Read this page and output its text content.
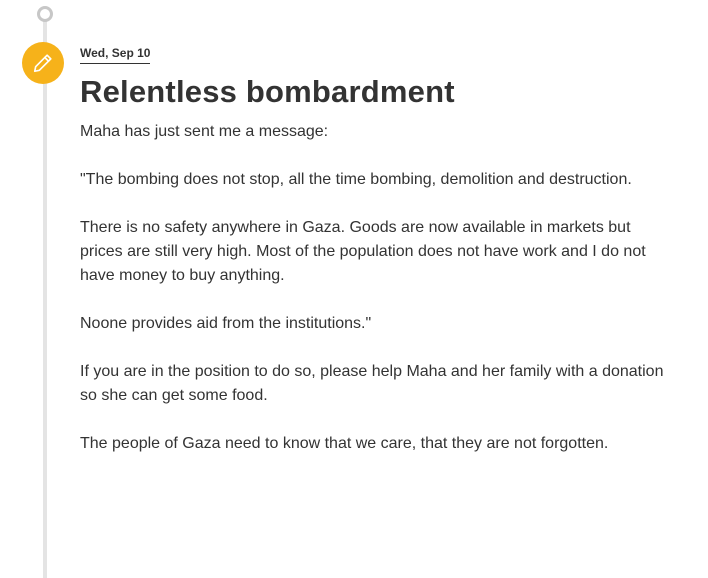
Wed, Sep 10
Relentless bombardment

Maha has just sent me a message:

"The bombing does not stop, all the time bombing, demolition and destruction.

There is no safety anywhere in Gaza. Goods are now available in markets but prices are still very high. Most of the population does not have work and I do not have money to buy anything.

Noone provides aid from the institutions."

If you are in the position to do so, please help Maha and her family with a donation so she can get some food.

The people of Gaza need to know that we care, that they are not forgotten.
